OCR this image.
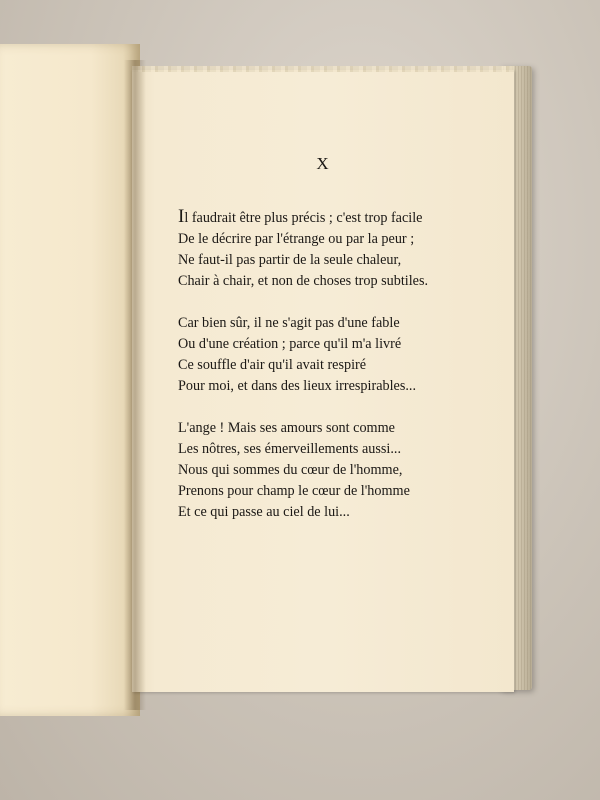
X
Il faudrait être plus précis ; c'est trop facile
De le décrire par l'étrange ou par la peur ;
Ne faut-il pas partir de la seule chaleur,
Chair à chair, et non de choses trop subtiles.
Car bien sûr, il ne s'agit pas d'une fable
Ou d'une création ; parce qu'il m'a livré
Ce souffle d'air qu'il avait respiré
Pour moi, et dans des lieux irrespirables...
L'ange ! Mais ses amours sont comme
Les nôtres, ses émerveillements aussi...
Nous qui sommes du cœur de l'homme,
Prenons pour champ le cœur de l'homme
Et ce qui passe au ciel de lui...
